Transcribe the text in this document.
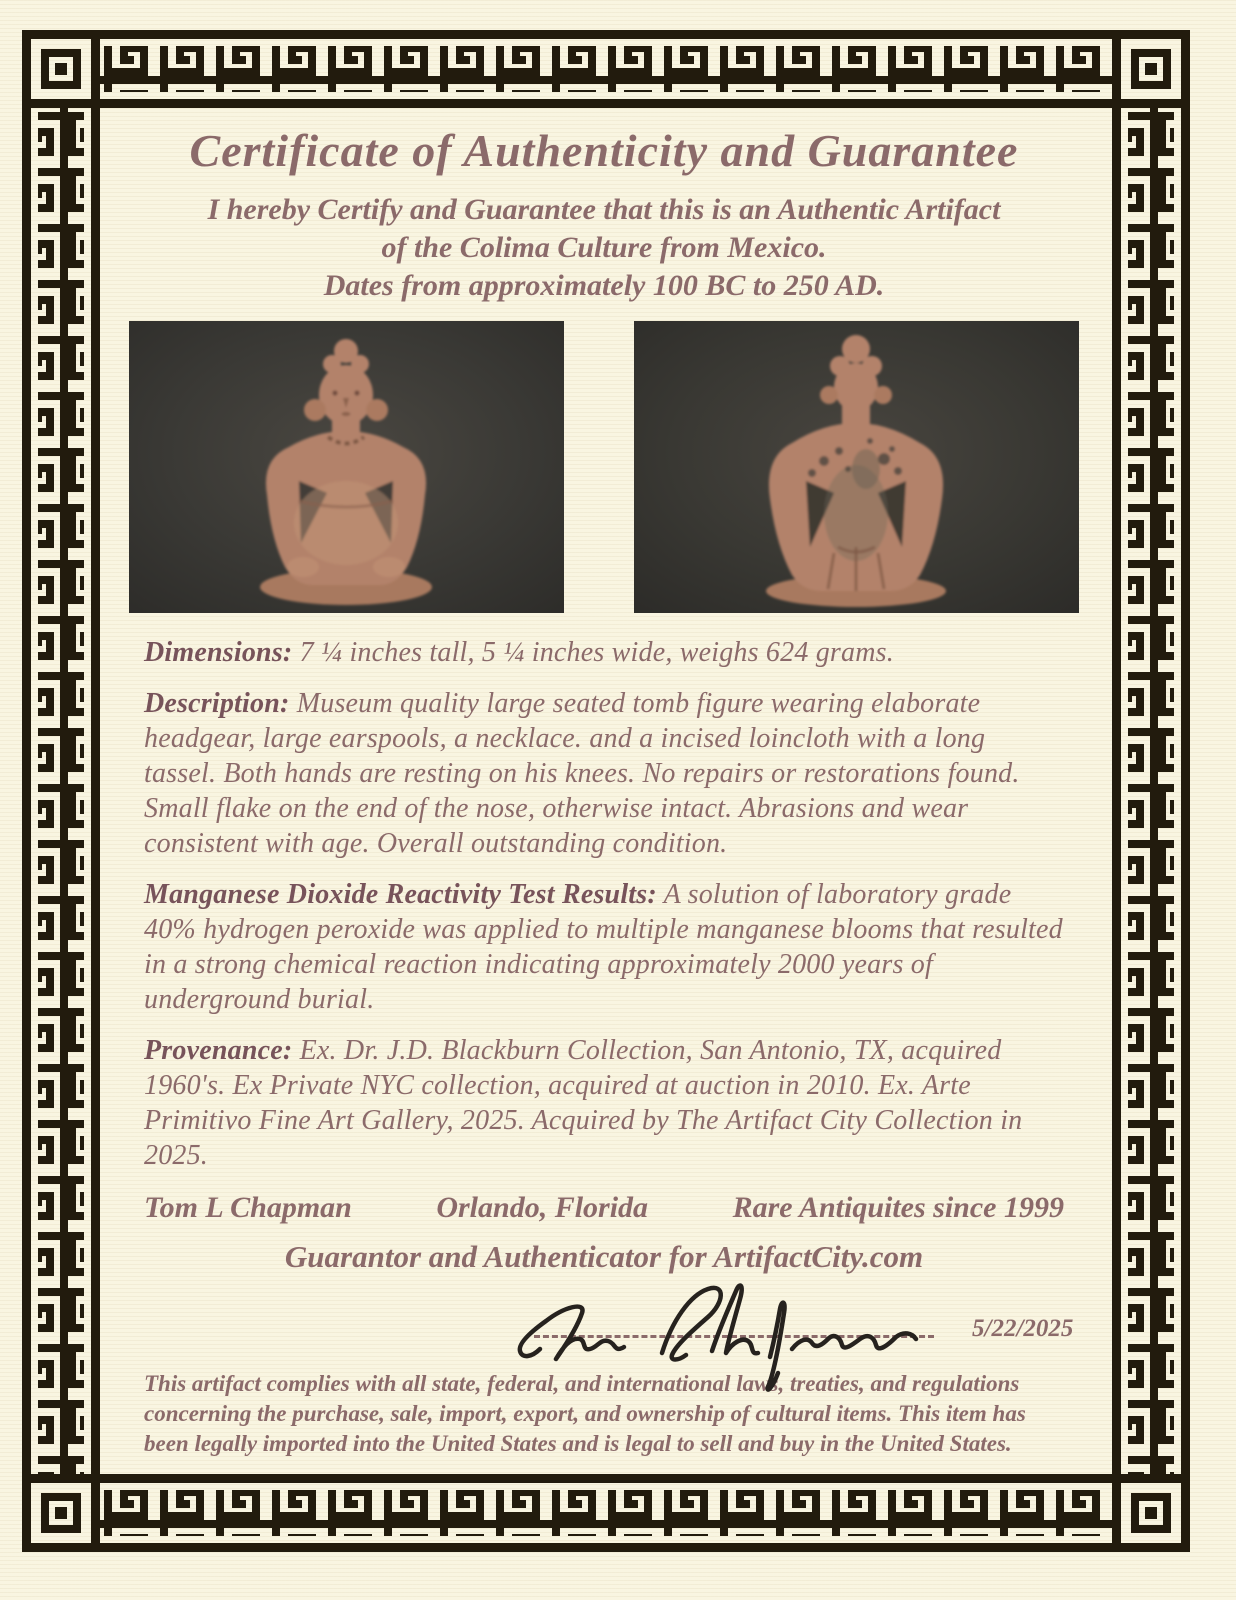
Certificate of Authenticity and Guarantee
I hereby Certify and Guarantee that this is an Authentic Artifact
of the Colima Culture from Mexico.
Dates from approximately 100 BC to 250 AD.

Dimensions: 7 ¼ inches tall, 5 ¼ inches wide, weighs 624 grams.

Description: Museum quality large seated tomb figure wearing elaborate headgear, large earspools, a necklace. and a incised loincloth with a long tassel. Both hands are resting on his knees. No repairs or restorations found. Small flake on the end of the nose, otherwise intact. Abrasions and wear consistent with age. Overall outstanding condition.

Manganese Dioxide Reactivity Test Results: A solution of laboratory grade 40% hydrogen peroxide was applied to multiple manganese blooms that resulted in a strong chemical reaction indicating approximately 2000 years of underground burial.

Provenance: Ex. Dr. J.D. Blackburn Collection, San Antonio, TX, acquired 1960's. Ex Private NYC collection, acquired at auction in 2010. Ex. Arte Primitivo Fine Art Gallery, 2025. Acquired by The Artifact City Collection in 2025.

Tom L Chapman	Orlando, Florida	Rare Antiquites since 1999
Guarantor and Authenticator for ArtifactCity.com
5/22/2025

This artifact complies with all state, federal, and international laws, treaties, and regulations concerning the purchase, sale, import, export, and ownership of cultural items. This item has been legally imported into the United States and is legal to sell and buy in the United States.
